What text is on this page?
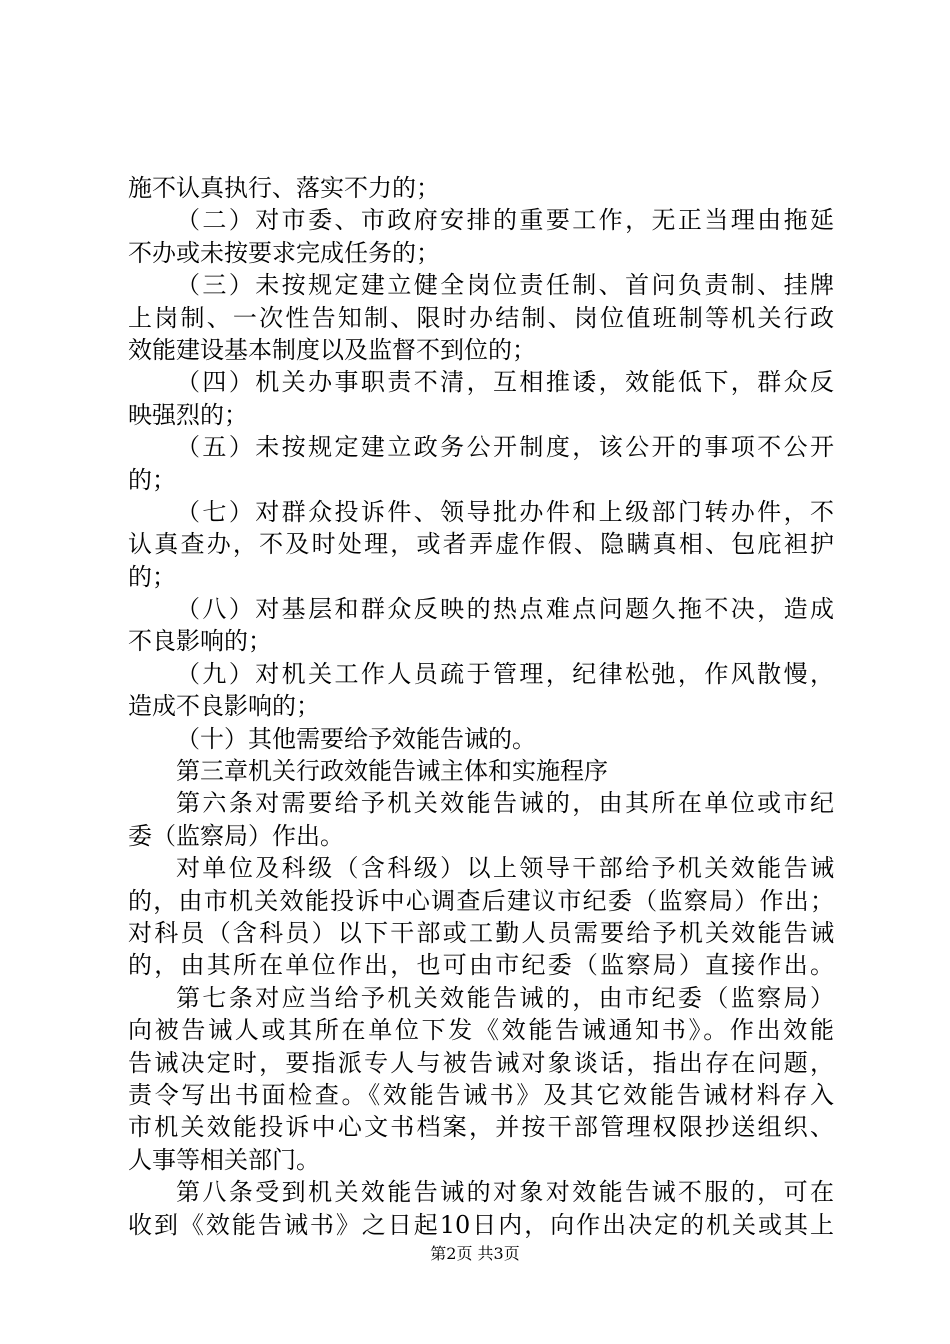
施不认真执行、落实不力的；
（二）对市委、市政府安排的重要工作，无正当理由拖延
不办或未按要求完成任务的；
（三）未按规定建立健全岗位责任制、首问负责制、挂牌
上岗制、一次性告知制、限时办结制、岗位值班制等机关行政
效能建设基本制度以及监督不到位的；
（四）机关办事职责不清，互相推诿，效能低下，群众反
映强烈的；
（五）未按规定建立政务公开制度，该公开的事项不公开
的；
（七）对群众投诉件、领导批办件和上级部门转办件，不
认真查办，不及时处理，或者弄虚作假、隐瞒真相、包庇袒护
的；
（八）对基层和群众反映的热点难点问题久拖不决，造成
不良影响的；
（九）对机关工作人员疏于管理，纪律松弛，作风散慢，
造成不良影响的；
（十）其他需要给予效能告诫的。
第三章机关行政效能告诫主体和实施程序
第六条对需要给予机关效能告诫的，由其所在单位或市纪
委（监察局）作出。
对单位及科级（含科级）以上领导干部给予机关效能告诫
的，由市机关效能投诉中心调查后建议市纪委（监察局）作出；
对科员（含科员）以下干部或工勤人员需要给予机关效能告诫
的，由其所在单位作出，也可由市纪委（监察局）直接作出。
第七条对应当给予机关效能告诫的，由市纪委（监察局）
向被告诫人或其所在单位下发《效能告诫通知书》。作出效能
告诫决定时，要指派专人与被告诫对象谈话，指出存在问题，
责令写出书面检查。《效能告诫书》及其它效能告诫材料存入
市机关效能投诉中心文书档案，并按干部管理权限抄送组织、
人事等相关部门。
第八条受到机关效能告诫的对象对效能告诫不服的，可在
收到《效能告诫书》之日起10日内，向作出决定的机关或其上
第2页 共3页
